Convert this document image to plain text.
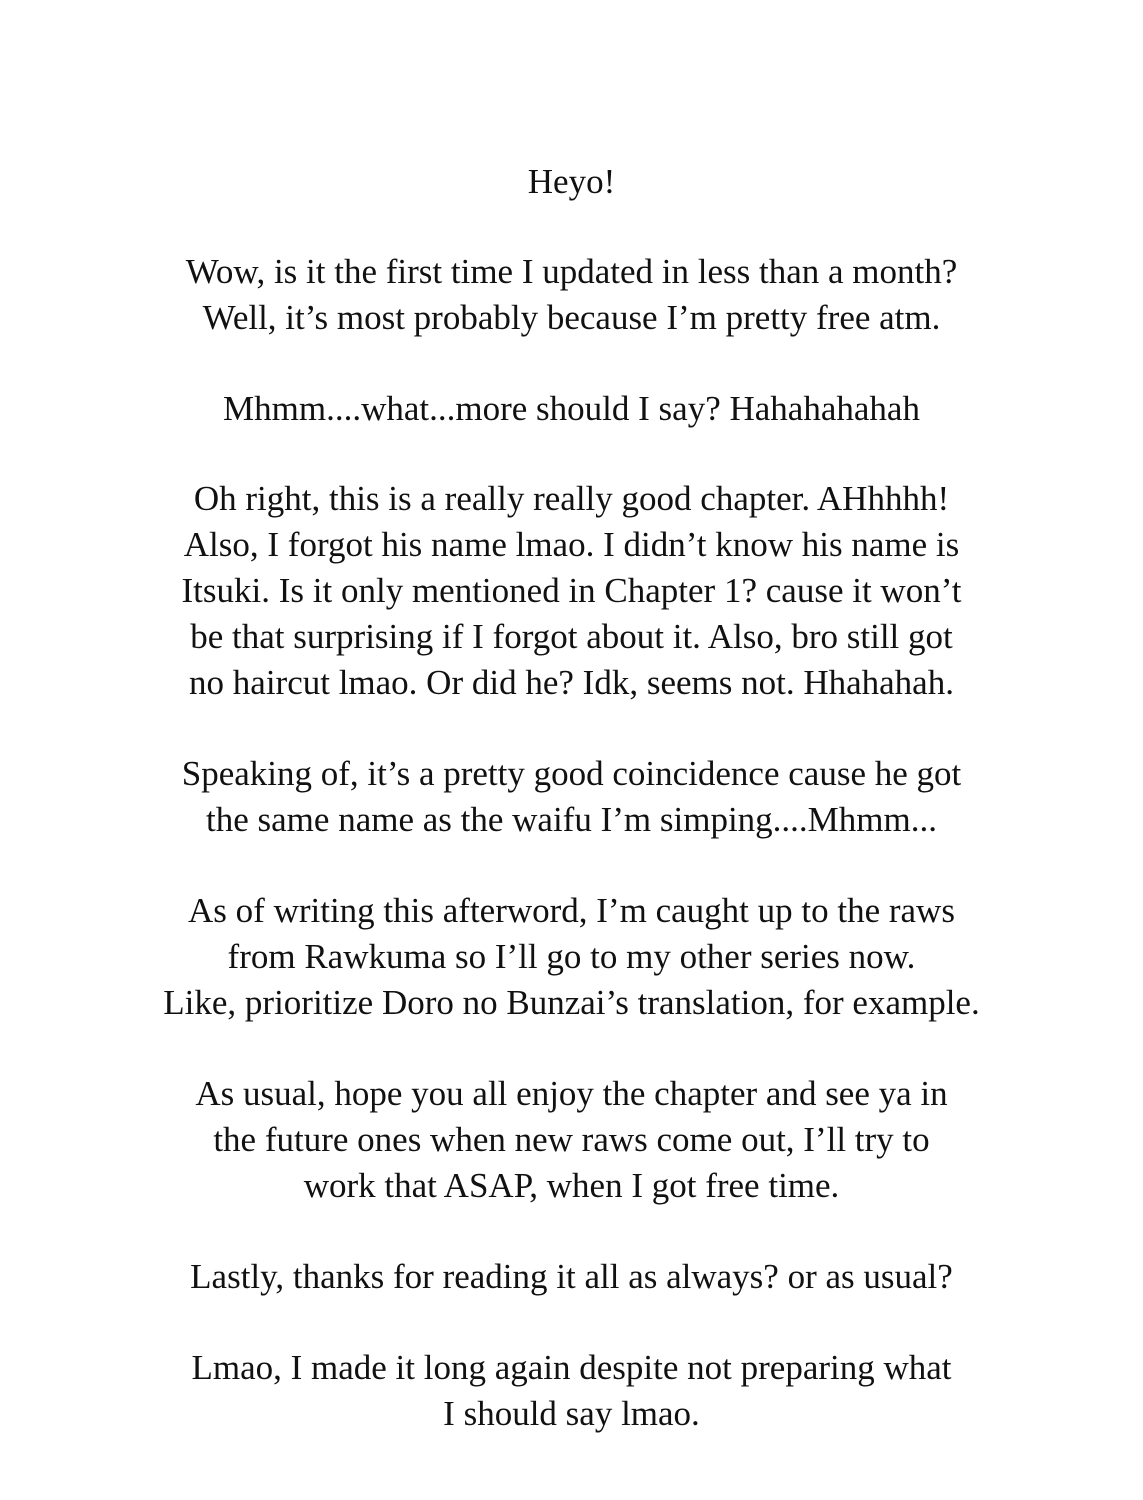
Heyo!
Wow, is it the first time I updated in less than a month?
Well, it’s most probably because I’m pretty free atm.
Mhmm....what...more should I say? Hahahahahah
Oh right, this is a really really good chapter. AHhhhh!
Also, I forgot his name lmao. I didn’t know his name is
Itsuki. Is it only mentioned in Chapter 1? cause it won’t
be that surprising if I forgot about it. Also, bro still got
no haircut lmao. Or did he? Idk, seems not. Hhahahah.
Speaking of, it’s a pretty good coincidence cause he got
the same name as the waifu I’m simping....Mhmm...
As of writing this afterword, I’m caught up to the raws
from Rawkuma so I’ll go to my other series now.
Like, prioritize Doro no Bunzai’s translation, for example.
As usual, hope you all enjoy the chapter and see ya in
the future ones when new raws come out, I’ll try to
work that ASAP, when I got free time.
Lastly, thanks for reading it all as always? or as usual?
Lmao, I made it long again despite not preparing what
I should say lmao.
